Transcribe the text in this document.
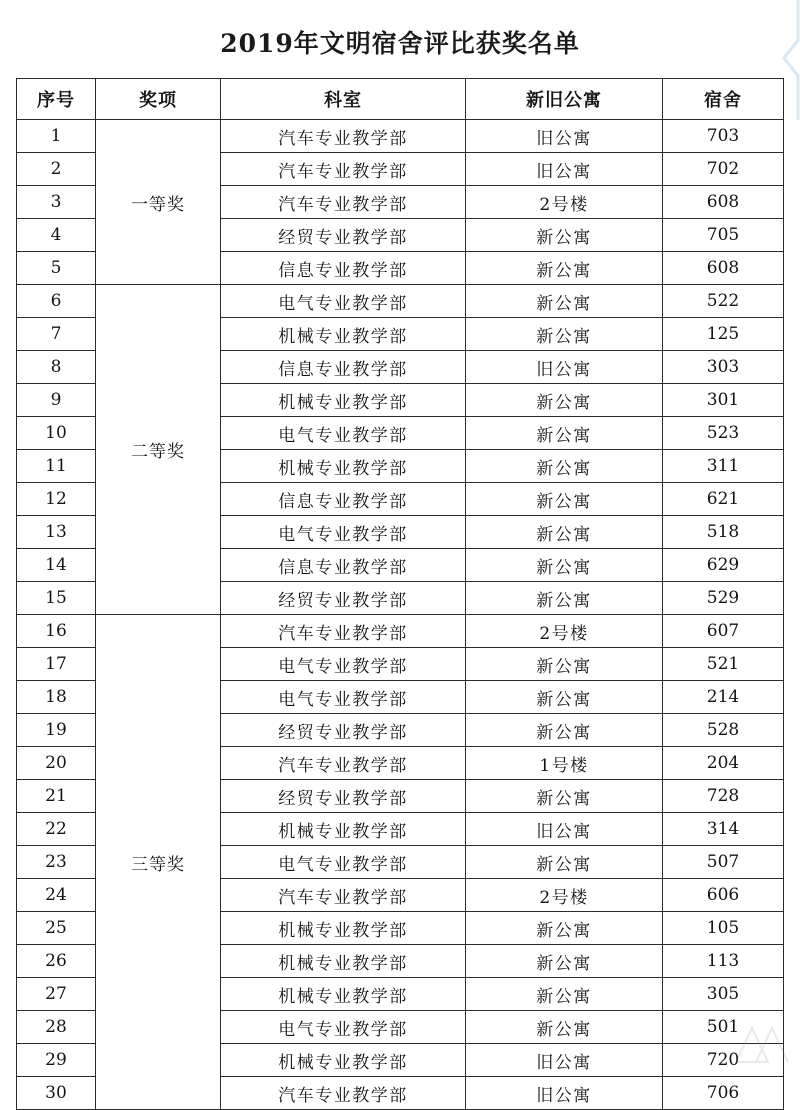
2019年文明宿舍评比获奖名单
序号	奖项	科室	新旧公寓	宿舍
1	一等奖	汽车专业教学部	旧公寓	703
2		汽车专业教学部	旧公寓	702
3		汽车专业教学部	2号楼	608
4		经贸专业教学部	新公寓	705
5		信息专业教学部	新公寓	608
6	二等奖	电气专业教学部	新公寓	522
7		机械专业教学部	新公寓	125
8		信息专业教学部	旧公寓	303
9		机械专业教学部	新公寓	301
10		电气专业教学部	新公寓	523
11		机械专业教学部	新公寓	311
12		信息专业教学部	新公寓	621
13		电气专业教学部	新公寓	518
14		信息专业教学部	新公寓	629
15		经贸专业教学部	新公寓	529
16	三等奖	汽车专业教学部	2号楼	607
17		电气专业教学部	新公寓	521
18		电气专业教学部	新公寓	214
19		经贸专业教学部	新公寓	528
20		汽车专业教学部	1号楼	204
21		经贸专业教学部	新公寓	728
22		机械专业教学部	旧公寓	314
23		电气专业教学部	新公寓	507
24		汽车专业教学部	2号楼	606
25		机械专业教学部	新公寓	105
26		机械专业教学部	新公寓	113
27		机械专业教学部	新公寓	305
28		电气专业教学部	新公寓	501
29		机械专业教学部	旧公寓	720
30		汽车专业教学部	旧公寓	706
